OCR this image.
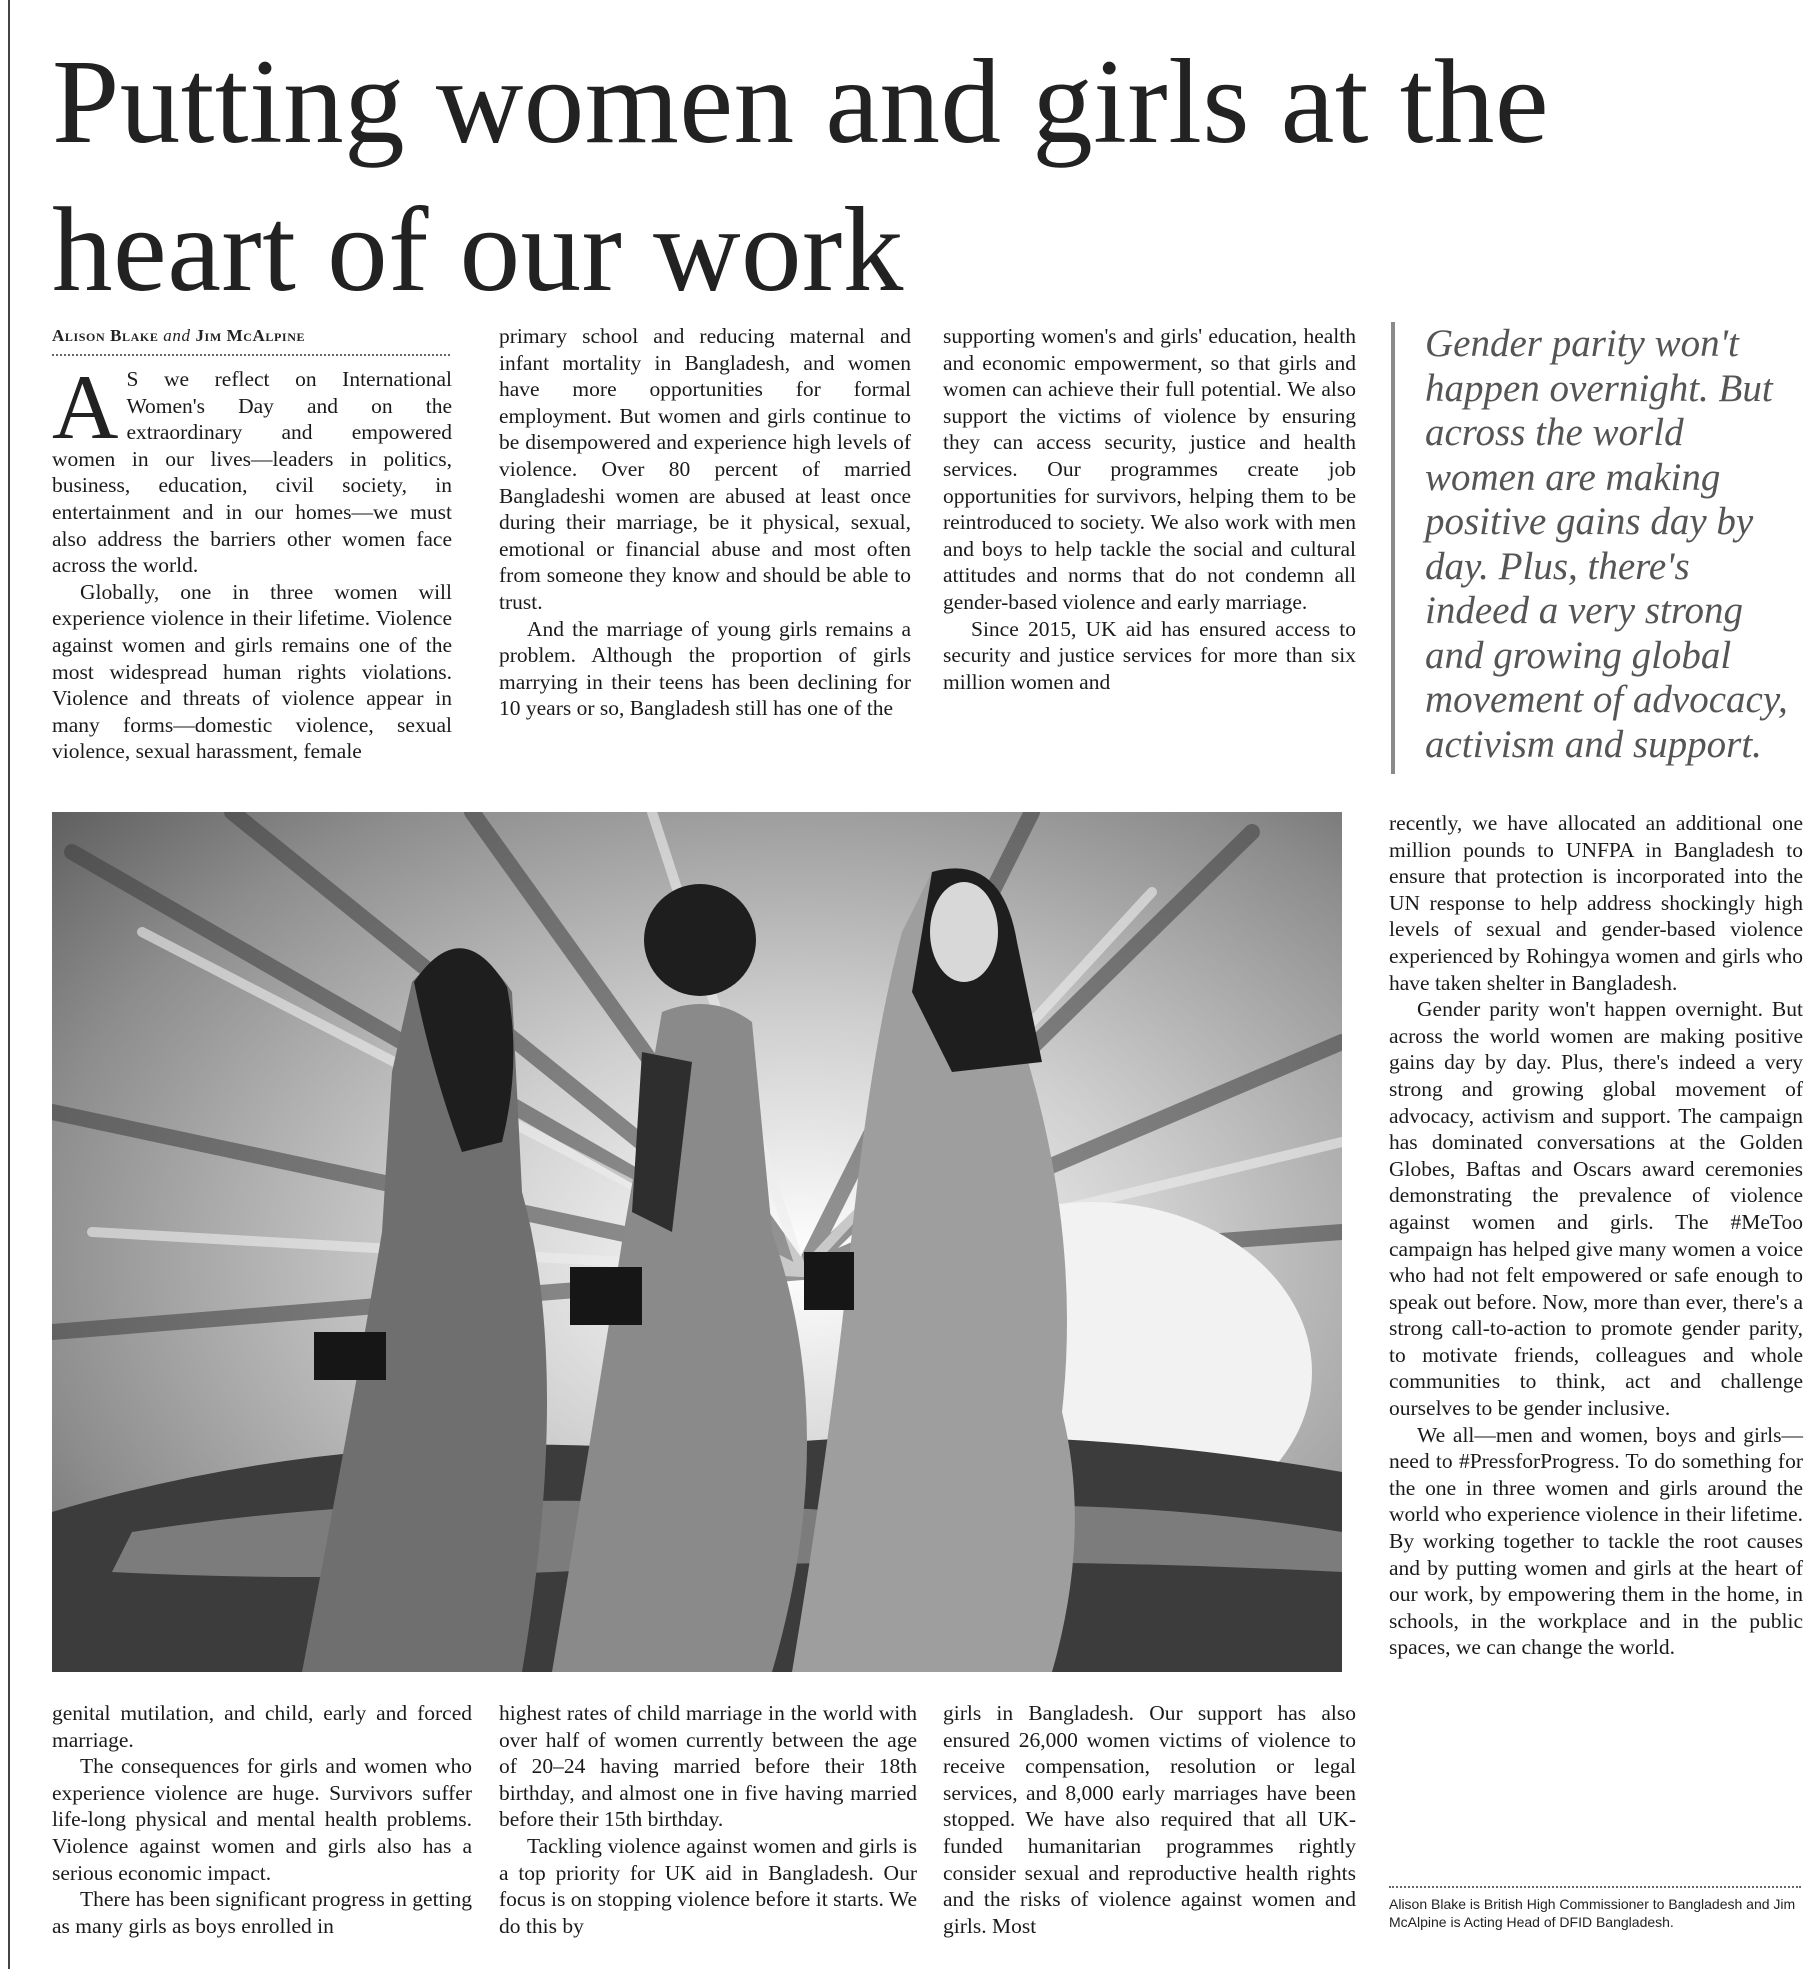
Putting women and girls at the heart of our work
Alison Blake and Jim McAlpine
A S we reflect on International Women's Day and on the extraordinary and empowered women in our lives—leaders in politics, business, education, civil society, in entertainment and in our homes—we must also address the barriers other women face across the world.

Globally, one in three women will experience violence in their lifetime. Violence against women and girls remains one of the most widespread human rights violations. Violence and threats of violence appear in many forms—domestic violence, sexual violence, sexual harassment, female

primary school and reducing maternal and infant mortality in Bangladesh, and women have more opportunities for formal employment. But women and girls continue to be disempowered and experience high levels of violence. Over 80 percent of married Bangladeshi women are abused at least once during their marriage, be it physical, sexual, emotional or financial abuse and most often from someone they know and should be able to trust.

And the marriage of young girls remains a problem. Although the proportion of girls marrying in their teens has been declining for 10 years or so, Bangladesh still has one of the

supporting women's and girls' education, health and economic empowerment, so that girls and women can achieve their full potential. We also support the victims of violence by ensuring they can access security, justice and health services. Our programmes create job opportunities for survivors, helping them to be reintroduced to society. We also work with men and boys to help tackle the social and cultural attitudes and norms that do not condemn all gender-based violence and early marriage.

Since 2015, UK aid has ensured access to security and justice services for more than six million women and

Gender parity won't happen overnight. But across the world women are making positive gains day by day. Plus, there's indeed a very strong and growing global movement of advocacy, activism and support.

recently, we have allocated an additional one million pounds to UNFPA in Bangladesh to ensure that protection is incorporated into the UN response to help address shockingly high levels of sexual and gender-based violence experienced by Rohingya women and girls who have taken shelter in Bangladesh.

Gender parity won't happen overnight. But across the world women are making positive gains day by day. Plus, there's indeed a very strong and growing global movement of advocacy, activism and support. The campaign has dominated conversations at the Golden Globes, Baftas and Oscars award ceremonies demonstrating the prevalence of violence against women and girls. The #MeToo campaign has helped give many women a voice who had not felt empowered or safe enough to speak out before. Now, more than ever, there's a strong call-to-action to promote gender parity, to motivate friends, colleagues and whole communities to think, act and challenge ourselves to be gender inclusive.

We all—men and women, boys and girls—need to #PressforProgress. To do something for the one in three women and girls around the world who experience violence in their lifetime. By working together to tackle the root causes and by putting women and girls at the heart of our work, by empowering them in the home, in schools, in the workplace and in the public spaces, we can change the world.

genital mutilation, and child, early and forced marriage.

The consequences for girls and women who experience violence are huge. Survivors suffer life-long physical and mental health problems. Violence against women and girls also has a serious economic impact.

There has been significant progress in getting as many girls as boys enrolled in

highest rates of child marriage in the world with over half of women currently between the age of 20–24 having married before their 18th birthday, and almost one in five having married before their 15th birthday.

Tackling violence against women and girls is a top priority for UK aid in Bangladesh. Our focus is on stopping violence before it starts. We do this by

girls in Bangladesh. Our support has also ensured 26,000 women victims of violence to receive compensation, resolution or legal services, and 8,000 early marriages have been stopped. We have also required that all UK-funded humanitarian programmes rightly consider sexual and reproductive health rights and the risks of violence against women and girls. Most

Alison Blake is British High Commissioner to Bangladesh and Jim McAlpine is Acting Head of DFID Bangladesh.
